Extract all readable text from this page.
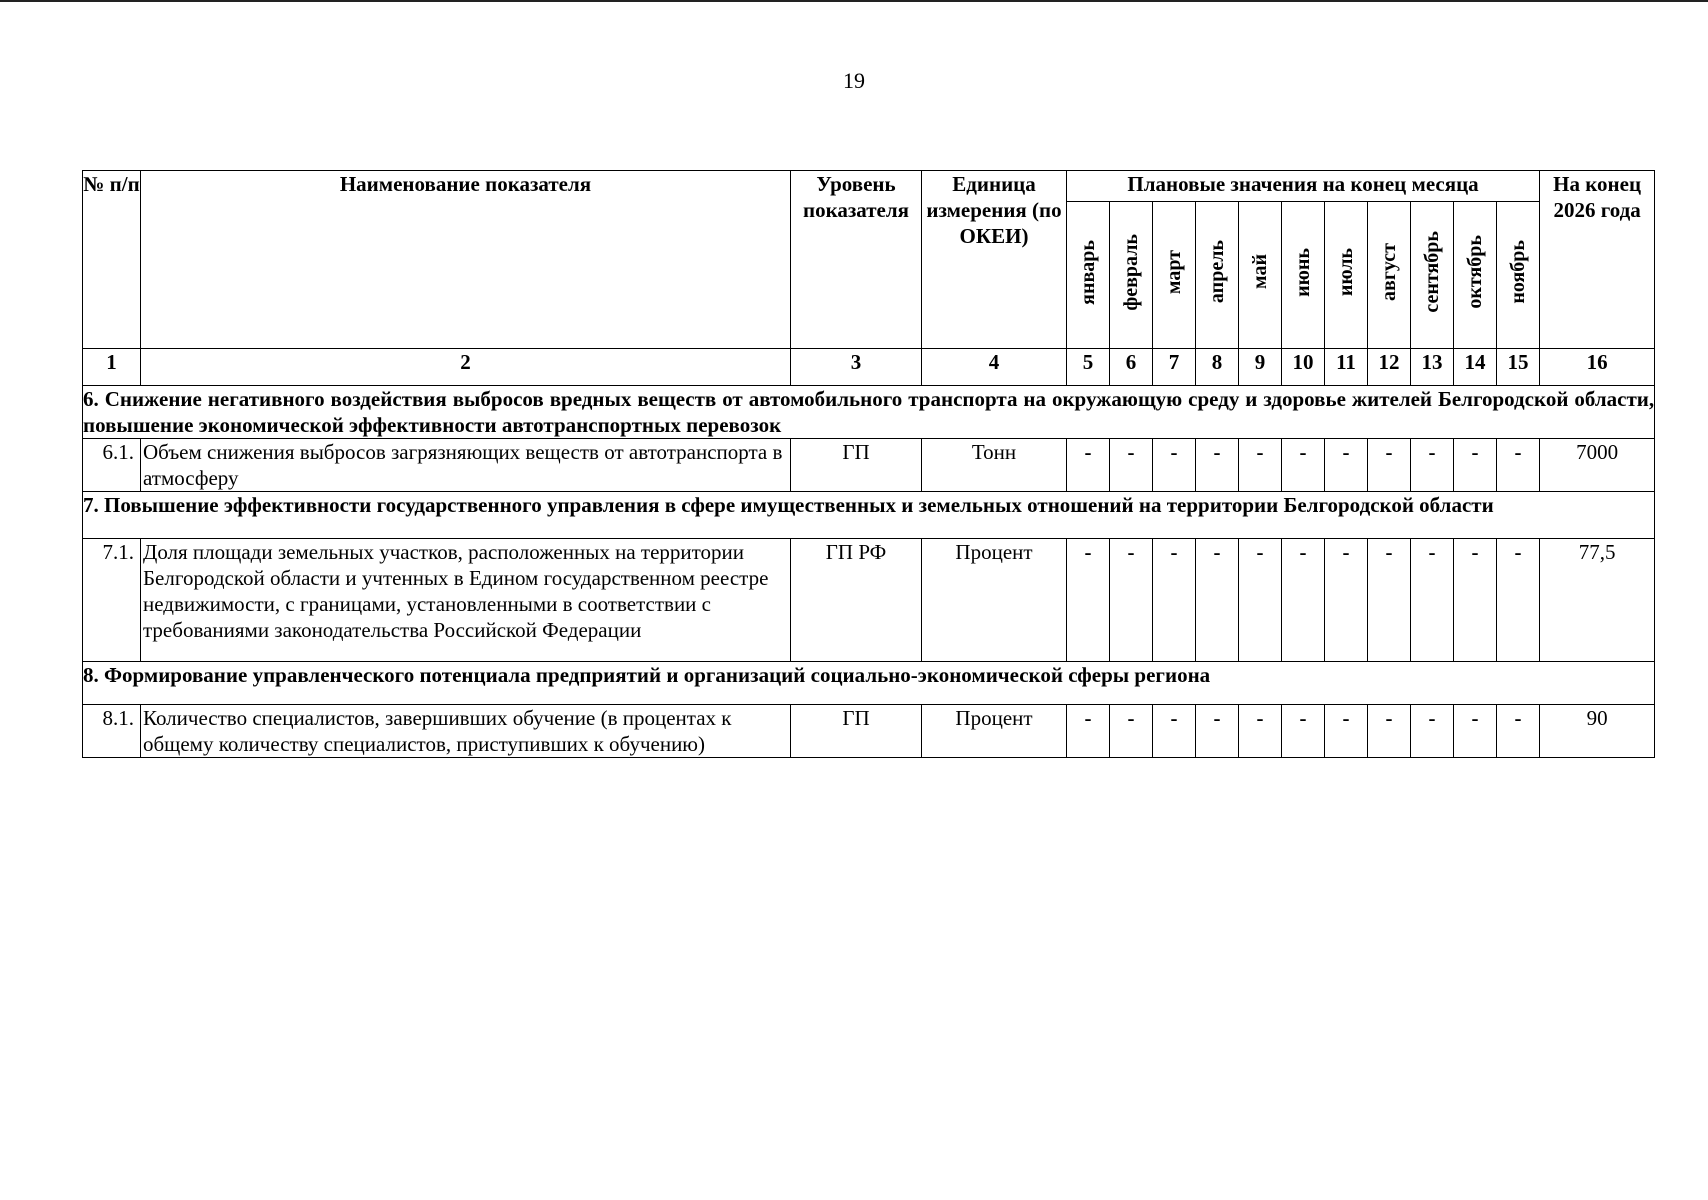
19
№ п/п	Наименование показателя	Уровень показателя	Единица измерения (по ОКЕИ)	Плановые значения на конец месяца											На конец 2026 года
				январь	февраль	март	апрель	май	июнь	июль	август	сентябрь	октябрь	ноябрь	
1	2	3	4	5	6	7	8	9	10	11	12	13	14	15	16
6. Снижение негативного воздействия выбросов вредных веществ от автомобильного транспорта на окружающую среду и здоровье жителей Белгородской области, повышение экономической эффективности автотранспортных перевозок															
6.1.	Объем снижения выбросов загрязняющих веществ от автотранспорта в атмосферу	ГП	Тонн	-	-	-	-	-	-	-	-	-	-	-	7000
7. Повышение эффективности государственного управления в сфере имущественных и земельных отношений на территории Белгородской области															
7.1.	Доля площади земельных участков, расположенных на территории Белгородской области и учтенных в Едином государственном реестре недвижимости, с границами, установленными в соответствии с требованиями законодательства Российской Федерации	ГП РФ	Процент	-	-	-	-	-	-	-	-	-	-	-	77,5
8. Формирование управленческого потенциала предприятий и организаций социально-экономической сферы региона															
8.1.	Количество специалистов, завершивших обучение (в процентах к общему количеству специалистов, приступивших к обучению)	ГП	Процент	-	-	-	-	-	-	-	-	-	-	-	90
